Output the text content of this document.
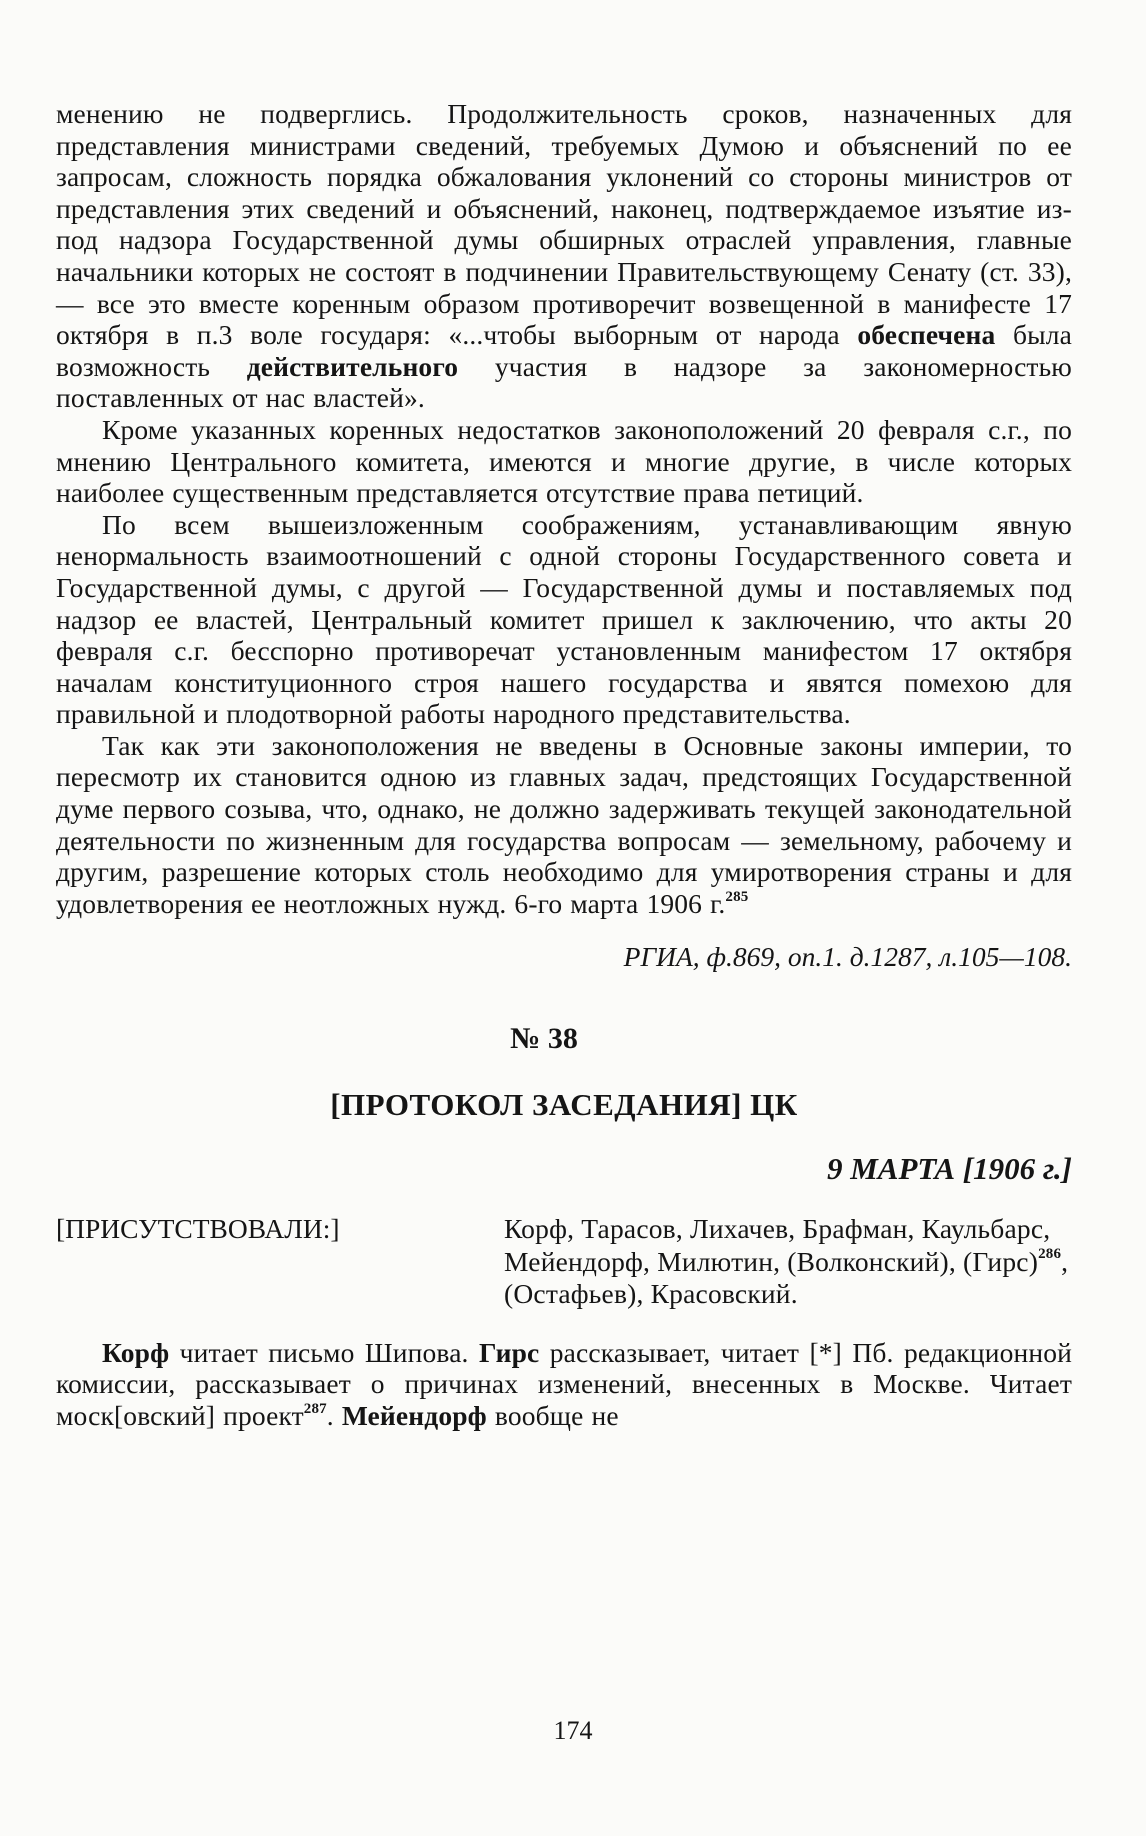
менению не подверглись. Продолжительность сроков, назначенных для представления министрами сведений, требуемых Думою и объяснений по ее запросам, сложность порядка обжалования уклонений со стороны министров от представления этих сведений и объяснений, наконец, подтверждаемое изъятие из-под надзора Государственной думы обширных отраслей управления, главные начальники которых не состоят в подчинении Правительствующему Сенату (ст. 33), — все это вместе коренным образом противоречит возвещенной в манифесте 17 октября в п.3 воле государя: «...чтобы выборным от народа обеспечена была возможность действительного участия в надзоре за закономерностью поставленных от нас властей».

Кроме указанных коренных недостатков законоположений 20 февраля с.г., по мнению Центрального комитета, имеются и многие другие, в числе которых наиболее существенным представляется отсутствие права петиций.

По всем вышеизложенным соображениям, устанавливающим явную ненормальность взаимоотношений с одной стороны Государственного совета и Государственной думы, с другой — Государственной думы и поставляемых под надзор ее властей, Центральный комитет пришел к заключению, что акты 20 февраля с.г. бесспорно противоречат установленным манифестом 17 октября началам конституционного строя нашего государства и явятся помехою для правильной и плодотворной работы народного представительства.

Так как эти законоположения не введены в Основные законы империи, то пересмотр их становится одною из главных задач, предстоящих Государственной думе первого созыва, что, однако, не должно задерживать текущей законодательной деятельности по жизненным для государства вопросам — земельному, рабочему и другим, разрешение которых столь необходимо для умиротворения страны и для удовлетворения ее неотложных нужд. 6-го марта 1906 г.$^{285}$

РГИА, ф.869, оп.1. д.1287, л.105—108.

№ 38
[ПРОТОКОЛ ЗАСЕДАНИЯ] ЦК
9 МАРТА [1906 г.]
[ПРИСУТСТВОВАЛИ:]	Корф, Тарасов, Лихачев, Брафман, Каульбарс, Мейендорф, Милютин, (Волконский), (Гирс)$^{286}$, (Остафьев), Красовский.

Корф читает письмо Шипова. Гирс рассказывает, читает [*] Пб. редакционной комиссии, рассказывает о причинах изменений, внесенных в Москве. Читает моск[овский] проект$^{287}$. Мейендорф вообще не

174
